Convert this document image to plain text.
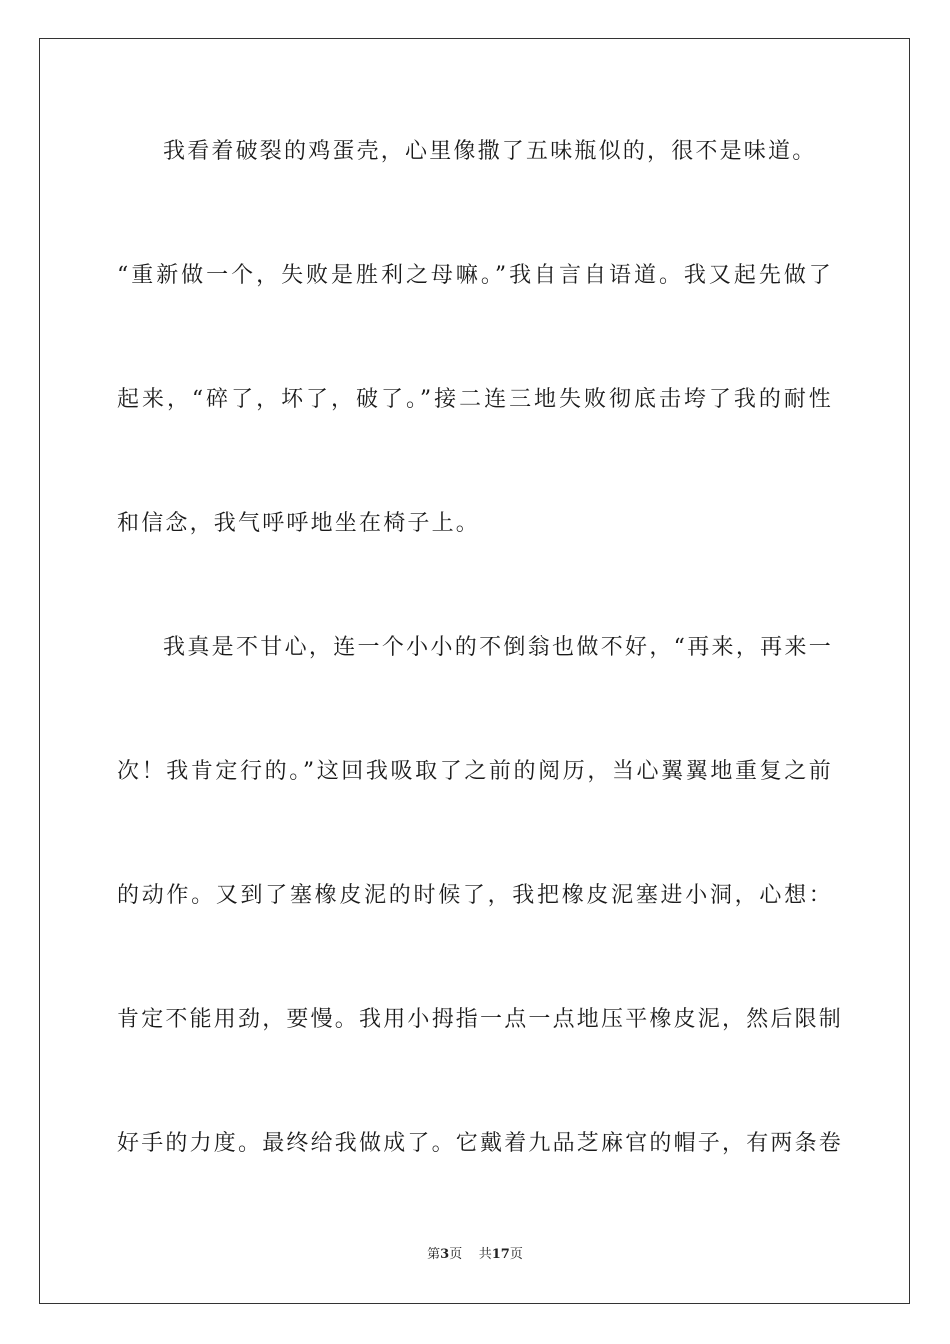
我看着破裂的鸡蛋壳，心里像撒了五味瓶似的，很不是味道。
“重新做一个，失败是胜利之母嘛。”我自言自语道。我又起先做了
起来，“碎了，坏了，破了。”接二连三地失败彻底击垮了我的耐性
和信念，我气呼呼地坐在椅子上。
我真是不甘心，连一个小小的不倒翁也做不好，“再来，再来一
次！我肯定行的。”这回我吸取了之前的阅历，当心翼翼地重复之前
的动作。又到了塞橡皮泥的时候了，我把橡皮泥塞进小洞，心想：
肯定不能用劲，要慢。我用小拇指一点一点地压平橡皮泥，然后限制
好手的力度。最终给我做成了。它戴着九品芝麻官的帽子，有两条卷
第3页 共17页
